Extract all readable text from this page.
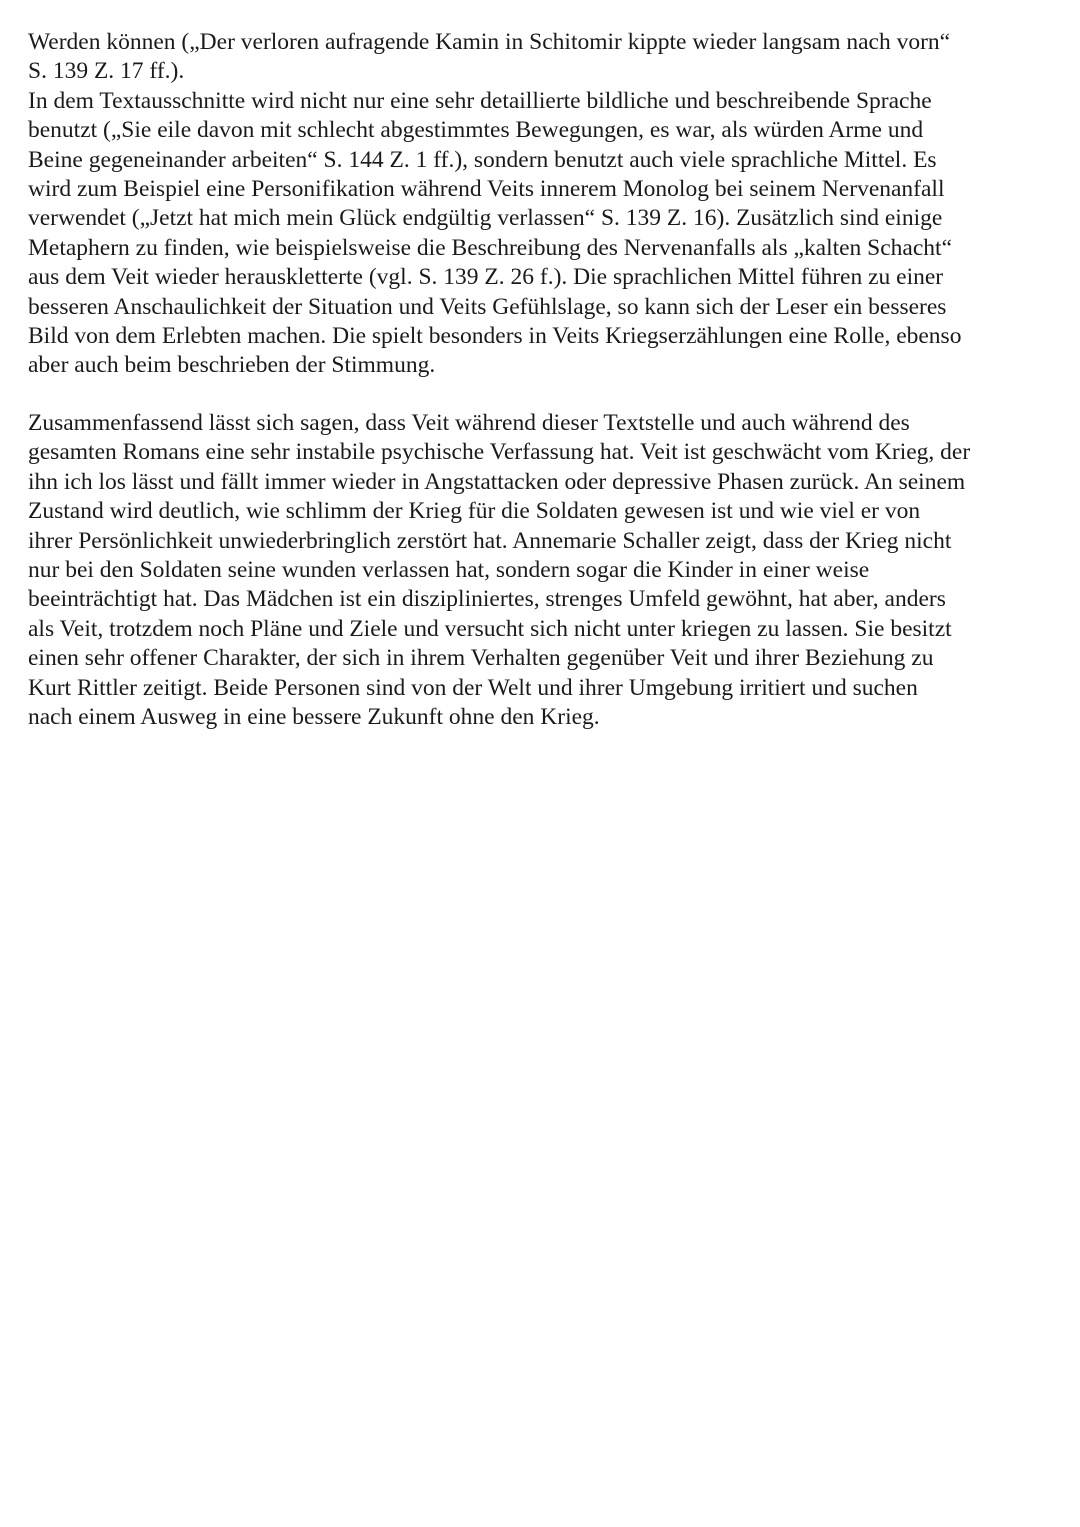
Werden können („Der verloren aufragende Kamin in Schitomir kippte wieder langsam nach vorn“
S. 139 Z. 17 ff.).
In dem Textausschnitte wird nicht nur eine sehr detaillierte bildliche und beschreibende Sprache
benutzt („Sie eile davon mit schlecht abgestimmtes Bewegungen, es war, als würden Arme und
Beine gegeneinander arbeiten“ S. 144 Z. 1 ff.), sondern benutzt auch viele sprachliche Mittel. Es
wird zum Beispiel eine Personifikation während Veits innerem Monolog bei seinem Nervenanfall
verwendet („Jetzt hat mich mein Glück endgültig verlassen“ S. 139 Z. 16). Zusätzlich sind einige
Metaphern zu finden, wie beispielsweise die Beschreibung des Nervenanfalls als „kalten Schacht“
aus dem Veit wieder herauskletterte (vgl. S. 139 Z. 26 f.). Die sprachlichen Mittel führen zu einer
besseren Anschaulichkeit der Situation und Veits Gefühlslage, so kann sich der Leser ein besseres
Bild von dem Erlebten machen. Die spielt besonders in Veits Kriegserzählungen eine Rolle, ebenso
aber auch beim beschrieben der Stimmung.
Zusammenfassend lässt sich sagen, dass Veit während dieser Textstelle und auch während des
gesamten Romans eine sehr instabile psychische Verfassung hat. Veit ist geschwächt vom Krieg, der
ihn ich los lässt und fällt immer wieder in Angstattacken oder depressive Phasen zurück. An seinem
Zustand wird deutlich, wie schlimm der Krieg für die Soldaten gewesen ist und wie viel er von
ihrer Persönlichkeit unwiederbringlich zerstört hat. Annemarie Schaller zeigt, dass der Krieg nicht
nur bei den Soldaten seine wunden verlassen hat, sondern sogar die Kinder in einer weise
beeinträchtigt hat. Das Mädchen ist ein diszipliniertes, strenges Umfeld gewöhnt, hat aber, anders
als Veit, trotzdem noch Pläne und Ziele und versucht sich nicht unter kriegen zu lassen. Sie besitzt
einen sehr offener Charakter, der sich in ihrem Verhalten gegenüber Veit und ihrer Beziehung zu
Kurt Rittler zeitigt. Beide Personen sind von der Welt und ihrer Umgebung irritiert und suchen
nach einem Ausweg in eine bessere Zukunft ohne den Krieg.
